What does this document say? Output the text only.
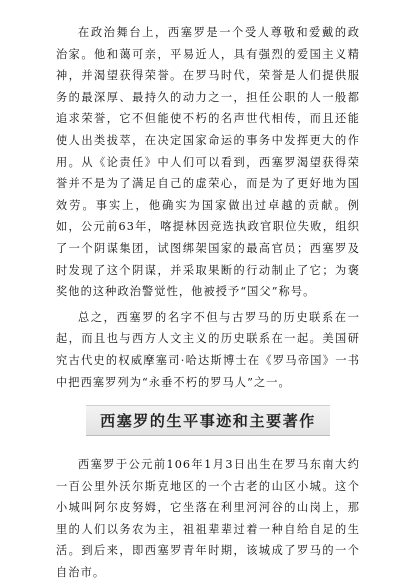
在政治舞台上，西塞罗是一个受人尊敬和爱戴的政治家。他和蔼可亲，平易近人，具有强烈的爱国主义精神，并渴望获得荣誉。在罗马时代，荣誉是人们提供服务的最深厚、最持久的动力之一，担任公职的人一般都追求荣誉，它不但能使不朽的名声世代相传，而且还能使人出类拔萃，在决定国家命运的事务中发挥更大的作用。从《论责任》中人们可以看到，西塞罗渴望获得荣誉并不是为了满足自己的虚荣心，而是为了更好地为国效劳。事实上，他确实为国家做出过卓越的贡献。例如，公元前63年，喀提林因竞选执政官职位失败，组织了一个阴谋集团，试图绑架国家的最高官员；西塞罗及时发现了这个阴谋，并采取果断的行动制止了它；为褒奖他的这种政治警觉性，他被授予“国父”称号。

总之，西塞罗的名字不但与古罗马的历史联系在一起，而且也与西方人文主义的历史联系在一起。美国研究古代史的权威摩塞司·哈达斯博士在《罗马帝国》一书中把西塞罗列为“永垂不朽的罗马人”之一。

西塞罗的生平事迹和主要著作

西塞罗于公元前106年1月3日出生在罗马东南大约一百公里外沃尔斯克地区的一个古老的山区小城。这个小城叫阿尔皮努姆，它坐落在利里河河谷的山岗上，那里的人们以务农为主，祖祖辈辈过着一种自给自足的生活。到后来，即西塞罗青年时期，该城成了罗马的一个自治市。
